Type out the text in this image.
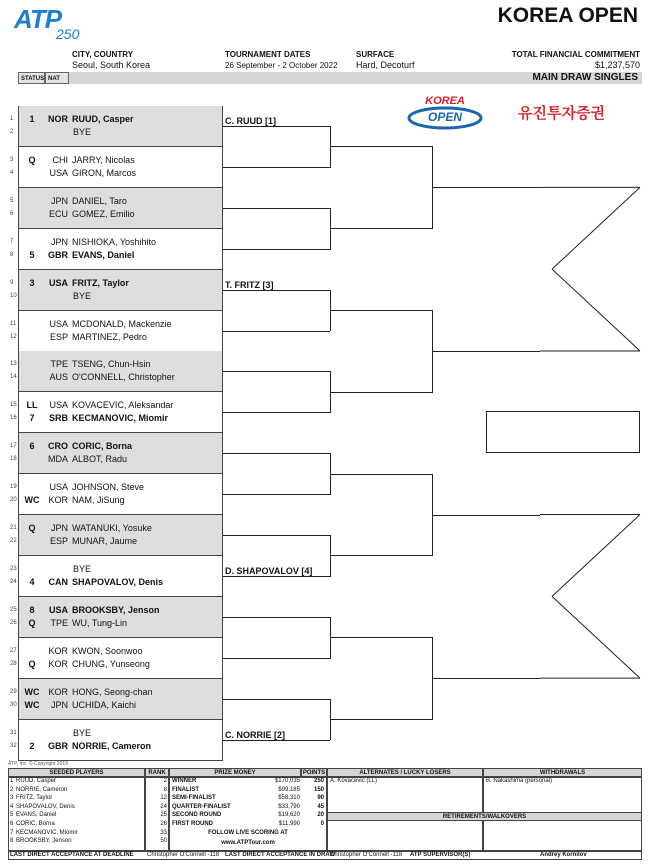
ATP
250
KOREA OPEN
CITY, COUNTRY
Seoul, South Korea
TOURNAMENT DATES
26 September - 2 October 2022
SURFACE
Hard, Decoturf
TOTAL FINANCIAL COMMITMENT
$1,237,570
STATUS NAT	MAIN DRAW SINGLES
KOREA
OPEN	유진투자증권
1	1	NOR RUUD, Casper
2	BYE
3	Q	CHI JARRY, Nicolas
4	USA GIRON, Marcos
5	JPN DANIEL, Taro
6	ECU GOMEZ, Emilio
7	JPN NISHIOKA, Yoshihito
8	5	GBR EVANS, Daniel
9	3	USA FRITZ, Taylor
10	BYE
11	USA MCDONALD, Mackenzie
12	ESP MARTINEZ, Pedro
13	TPE TSENG, Chun-Hsin
14	AUS O'CONNELL, Christopher
15	LL	USA KOVACEVIC, Aleksandar
16	7	SRB KECMANOVIC, Miomir
17	6	CRO CORIC, Borna
18	MDA ALBOT, Radu
19	USA JOHNSON, Steve
20 WC KOR NAM, JiSung
21	Q	JPN WATANUKI, Yosuke
22	ESP MUNAR, Jaume
23	BYE
24	4	CAN SHAPOVALOV, Denis
25	8	USA BROOKSBY, Jenson
26	Q	TPE WU, Tung-Lin
27	KOR KWON, Soonwoo
28	Q	KOR CHUNG, Yunseong
29 WC KOR HONG, Seong-chan
30 WC	JPN UCHIDA, Kaichi
31	BYE
32	2	GBR NORRIE, Cameron
C. RUUD [1]
T. FRITZ [3]
D. SHAPOVALOV [4]
C. NORRIE [2]
ATP, Inc. © Copyright 2019
SEEDED PLAYERS	RANK	PRIZE MONEY	POINTS	ALTERNATES / LUCKY LOSERS	WITHDRAWALS
1 RUUD, Casper	2
2 NORRIE, Cameron	8
3 FRITZ, Taylor	12
4 SHAPOVALOV, Denis	24
5 EVANS, Daniel	25
6 CORIC, Borna	26
7 KECMANOVIC, Miomir	33
8 BROOKSBY, Jenson	50
WINNER	$170,035	250
FINALIST	$99,185	150
SEMI-FINALIST	$58,310	90
QUARTER-FINALIST	$33,790	45
SECOND ROUND	$19,620	20
FIRST ROUND	$11,990	0
FOLLOW LIVE SCORING AT
www.ATPTour.com
A. Kovacevic (LL)	B. Nakashima (personal)
RETIREMENTS/WALKOVERS
LAST DIRECT ACCEPTANCE AT DEADLINE Christopher O'Connell -118 LAST DIRECT ACCEPTANCE IN DRAW
Christopher O'Connell -118 ATP SUPERVISOR(S)	Andrey Kornilov
